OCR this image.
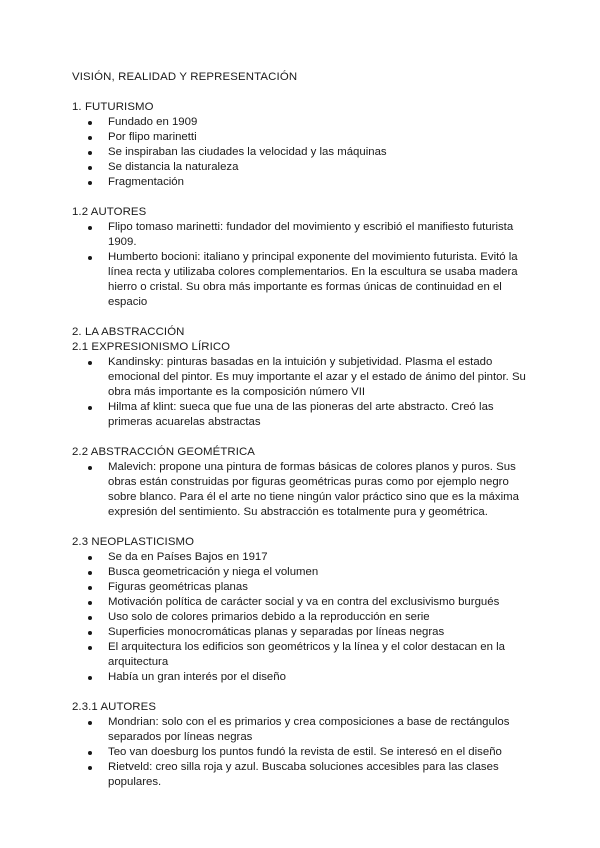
VISIÓN, REALIDAD Y REPRESENTACIÓN

1. FUTURISMO

Fundado en 1909
Por flipo marinetti
Se inspiraban las ciudades la velocidad y las máquinas
Se distancia la naturaleza
Fragmentación

1.2 AUTORES

Flipo tomaso marinetti: fundador del movimiento y escribió el manifiesto futurista 1909.
Humberto bocioni: italiano y principal exponente del movimiento futurista. Evitó la línea recta y utilizaba colores complementarios. En la escultura se usaba madera hierro o cristal. Su obra más importante es formas únicas de continuidad en el espacio

2. LA ABSTRACCIÓN

2.1 EXPRESIONISMO LÍRICO

Kandinsky: pinturas basadas en la intuición y subjetividad. Plasma el estado emocional del pintor. Es muy importante el azar y el estado de ánimo del pintor. Su obra más importante es la composición número VII
Hilma af klint: sueca que fue una de las pioneras del arte abstracto. Creó las primeras acuarelas abstractas

2.2 ABSTRACCIÓN GEOMÉTRICA

Malevich: propone una pintura de formas básicas de colores planos y puros. Sus obras están construidas por figuras geométricas puras como por ejemplo negro sobre blanco. Para él el arte no tiene ningún valor práctico sino que es la máxima expresión del sentimiento. Su abstracción es totalmente pura y geométrica.

2.3 NEOPLASTICISMO

Se da en Países Bajos en 1917
Busca geometricación y niega el volumen
Figuras geométricas planas
Motivación política de carácter social y va en contra del exclusivismo burgués
Uso solo de colores primarios debido a la reproducción en serie
Superficies monocromáticas planas y separadas por líneas negras
El arquitectura los edificios son geométricos y la línea y el color destacan en la arquitectura
Había un gran interés por el diseño

2.3.1 AUTORES

Mondrian: solo con el es primarios y crea composiciones a base de rectángulos separados por líneas negras
Teo van doesburg los puntos fundó la revista de estil. Se interesó en el diseño
Rietveld: creo silla roja y azul. Buscaba soluciones accesibles para las clases populares.
